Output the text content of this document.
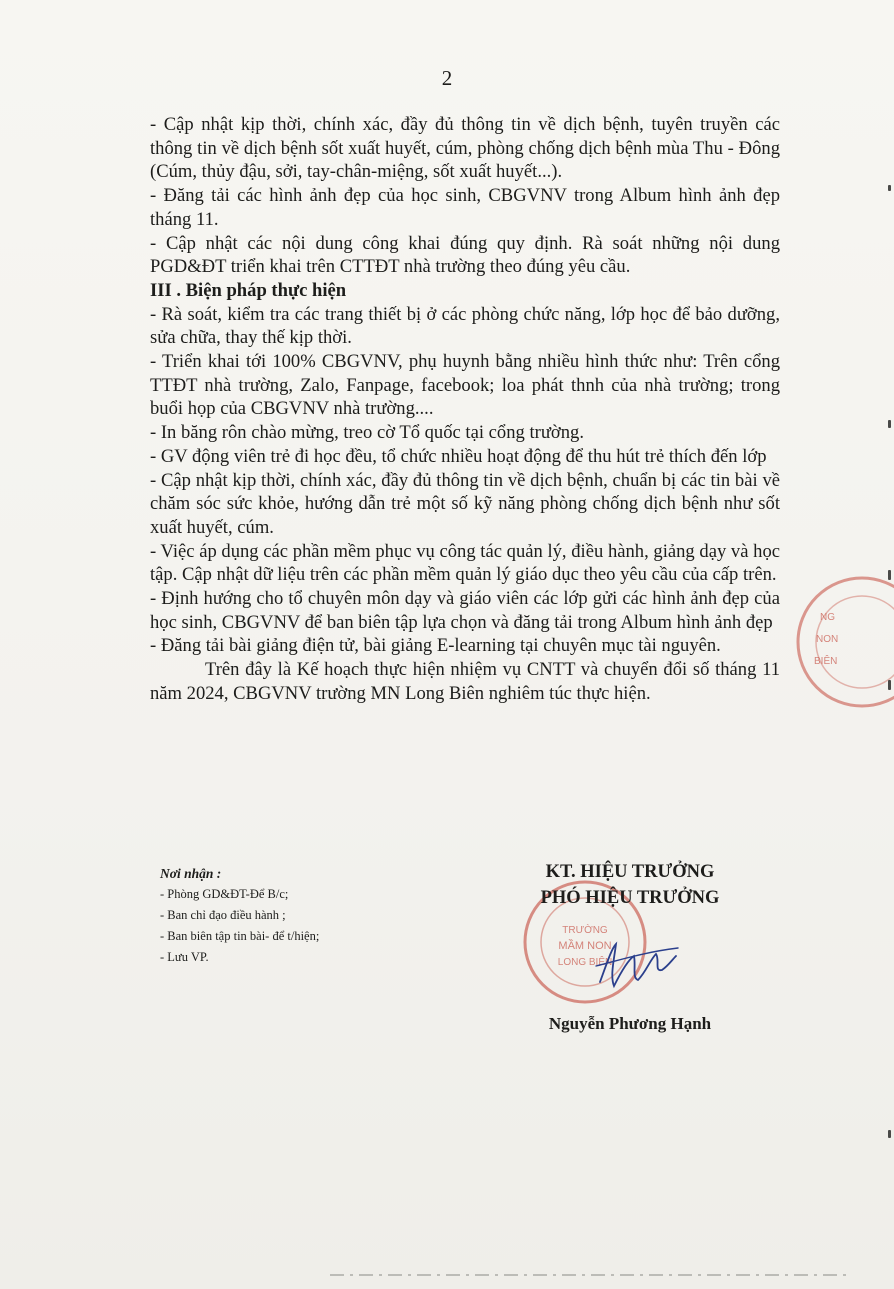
2

- Cập nhật kịp thời, chính xác, đầy đủ thông tin về dịch bệnh, tuyên truyền các thông tin về dịch bệnh sốt xuất huyết, cúm, phòng chống dịch bệnh mùa Thu - Đông (Cúm, thủy đậu, sởi, tay-chân-miệng, sốt xuất huyết...).

- Đăng tải các hình ảnh đẹp của học sinh, CBGVNV trong Album hình ảnh đẹp tháng 11.

- Cập nhật các nội dung công khai đúng quy định. Rà soát những nội dung PGD&ĐT triển khai trên CTTĐT nhà trường theo đúng yêu cầu.

III . Biện pháp thực hiện

- Rà soát, kiểm tra các trang thiết bị ở các phòng chức năng, lớp học để bảo dưỡng, sửa chữa, thay thế kịp thời.

- Triển khai tới 100% CBGVNV, phụ huynh bằng nhiều hình thức như: Trên cổng TTĐT nhà trường, Zalo, Fanpage, facebook; loa phát thnh của nhà trường; trong buổi họp của CBGVNV nhà trường....

- In băng rôn chào mừng, treo cờ Tổ quốc tại cổng trường.

- GV động viên trẻ đi học đều, tổ chức nhiều hoạt động để thu hút trẻ thích đến lớp

- Cập nhật kịp thời, chính xác, đầy đủ thông tin về dịch bệnh, chuẩn bị các tin bài về chăm sóc sức khỏe, hướng dẫn trẻ một số kỹ năng phòng chống dịch bệnh như sốt xuất huyết, cúm.

- Việc áp dụng các phần mềm phục vụ công tác quản lý, điều hành, giảng dạy và học tập. Cập nhật dữ liệu trên các phần mềm quản lý giáo dục theo yêu cầu của cấp trên.

- Định hướng cho tổ chuyên môn dạy và giáo viên các lớp gửi các hình ảnh đẹp của học sinh, CBGVNV để ban biên tập lựa chọn và đăng tải trong Album hình ảnh đẹp

- Đăng tải bài giảng điện tử, bài giảng E-learning tại chuyên mục tài nguyên.

Trên đây là Kế hoạch thực hiện nhiệm vụ CNTT và chuyển đổi số tháng 11 năm 2024, CBGVNV trường MN Long Biên nghiêm túc thực hiện.

Nơi nhận :
- Phòng GD&ĐT-Để B/c;
- Ban chỉ đạo điều hành ;
- Ban biên tập tin bài- để t/hiện;
- Lưu VP.
TRƯỜNG
MẦM NON
LONG BIÊN
KT. HIỆU TRƯỞNG
PHÓ HIỆU TRƯỞNG
Nguyễn Phương Hạnh
NG
NON
BIÊN
